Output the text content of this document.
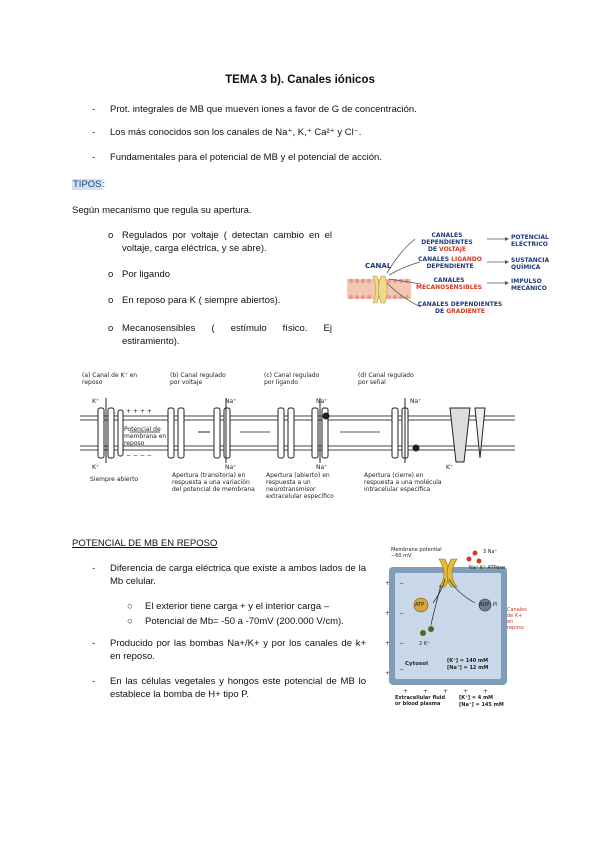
TEMA 3 b). Canales iónicos
- Prot. integrales de MB que mueven iones a favor de G de concentración.
- Los más conocidos son los canales de Na⁺, K,⁺ Ca²⁺ y Cl⁻.
- Fundamentales para el potencial de MB y el potencial de acción.
TIPOS:
Según mecanismo que regula su apertura.
o Regulados por voltaje ( detectan cambio en el voltaje, carga eléctrica, y se abre).
o Por ligando
o En reposo para K ( siempre abiertos).
o Mecanosensibles ( estímulo físico. Ej estiramiento).
CANAL
CANALES DEPENDIENTES
DE VOLTAJE
POTENCIAL ELÉCTRICO
CANALES LIGANDO
DEPENDIENTE
SUSTANCIA QUÍMICA
CANALES
MECANOSENSIBLES
IMPULSO MECÁNICO
CANALES DEPENDIENTES
DE GRADIENTE
(a) Canal de K⁺ en reposo
(b) Canal regulado por voltaje
(c) Canal regulado por ligando
(d) Canal regulado por señal
K⁺
K⁺
Na⁺
Na⁺
Na⁺
Na⁺
Na⁺
K⁺
+ + + +
− − − −
Potencial de membrana en reposo
Siempre abierto
Apertura (transitoria) en respuesta a una variación del potencial de membrana
Apertura (abierto) en respuesta a un neurotransmisor extracelular específico
Apertura (cierre) en respuesta a una molécula intracelular específica
POTENCIAL DE MB EN REPOSO
- Diferencia de carga eléctrica que existe a ambos lados de la Mb celular.
○ El exterior tiene carga + y el interior carga –
○ Potencial de Mb= -50 a -70mV (200.000 V/cm).
- Producido por las bombas Na+/K+ y por los canales de k+ en reposo.
- En las células vegetales y hongos este potencial de MB lo establece la bomba de H+ tipo P.
+
+
+
+
−
−
−
−
+ + + + +
Membrane potential −60 mV
3 Na⁺
Na⁺ K⁺ ATPase
ATP	ADP Pi
2 K⁺
Cytosol	[K⁺] = 140 mM
[Na⁺] = 12 mM
Extracellular fluid or blood plasma
[K⁺] = 4 mM
[Na⁺] = 145 mM
Canales de K+ en reposo
